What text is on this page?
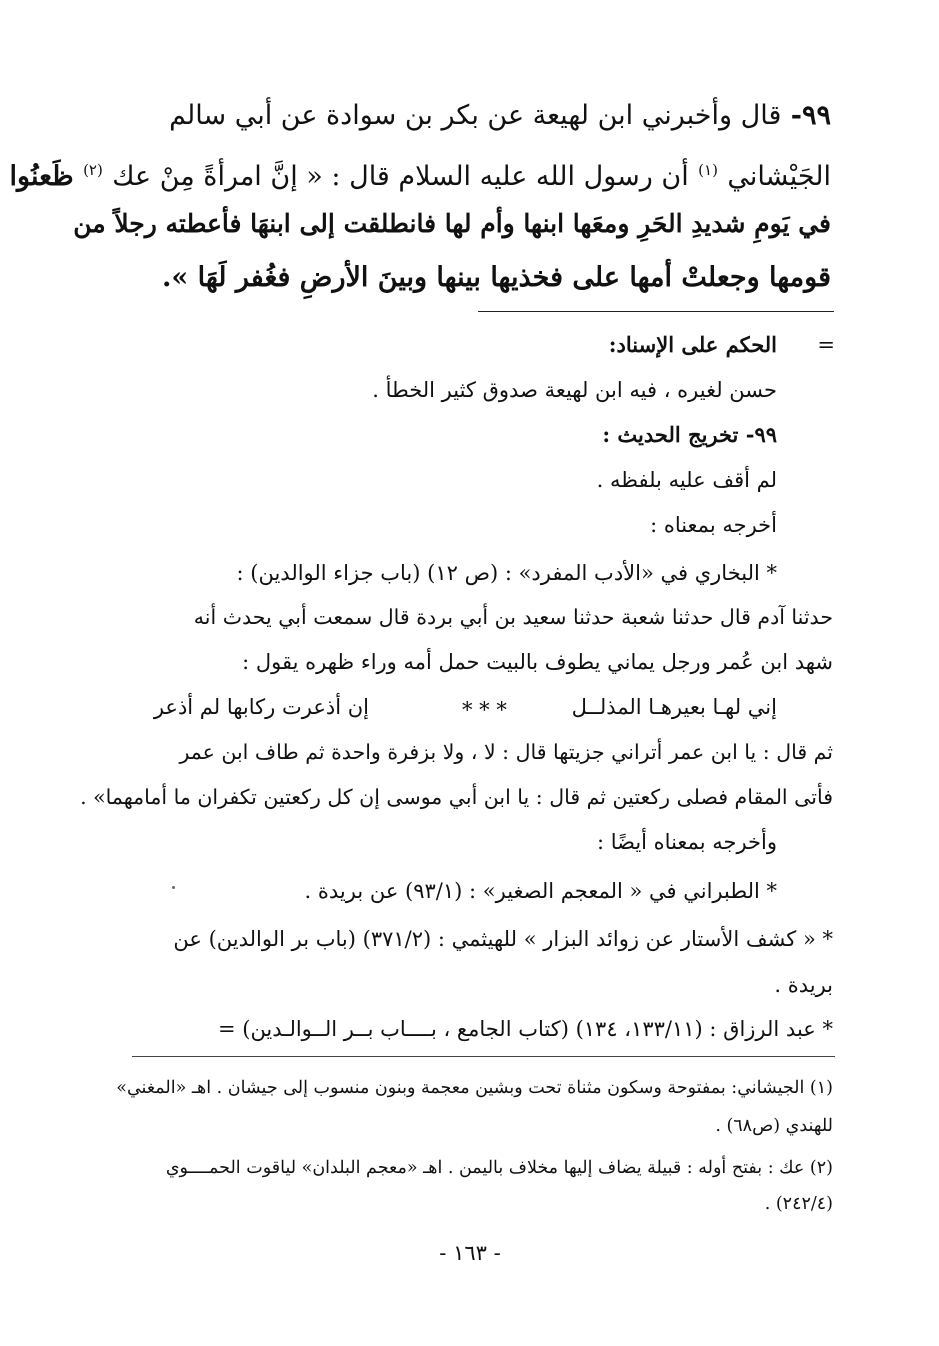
٩٩- قال وأخبرني ابن لهيعة عن بكر بن سوادة عن أبي سالم
الجَيْشاني $^{(١)}$ أن رسول الله عليه السلام قال : « إنَّ امرأةً مِنْ عك $^{(٢)}$ ظَعنُوا
في يَومِ شديدِ الحَرِ ومعَها ابنها وأم لها فانطلقت إلى ابنهَا فأعطته رجلاً من
قومها وجعلتْ أمها على فخذيها بينها وبينَ الأرضِ فغُفر لَهَا ».
=
الحكم على الإسناد:
حسن لغيره ، فيه ابن لهيعة صدوق كثير الخطأ .
٩٩- تخريج الحديث :
لم أقف عليه بلفظه .
أخرجه بمعناه :
* البخاري في «الأدب المفرد» : (ص ١٢) (باب جزاء الوالدين) :
حدثنا آدم قال حدثنا شعبة حدثنا سعيد بن أبي بردة قال سمعت أبي يحدث أنه
شهد ابن عُمر ورجل يماني يطوف بالبيت حمل أمه وراء ظهره يقول :
إني لهـا بعيرهـا المذلــل
* * *
إن أذعرت ركابها لم أذعر
ثم قال : يا ابن عمر أتراني جزيتها قال : لا ، ولا بزفرة واحدة ثم طاف ابن عمر
فأتى المقام فصلى ركعتين ثم قال : يا ابن أبي موسى إن كل ركعتين تكفران ما أمامهما» .
وأخرجه بمعناه أيضًا :
* الطبراني في « المعجم الصغير» : (٩٣/١) عن بريدة .
* « كشف الأستار عن زوائد البزار » للهيثمي : (٣٧١/٢) (باب بر الوالدين) عن
بريدة .
* عبد الرزاق : (١٣٣/١١، ١٣٤) (كتاب الجامع ، بــــاب بــر الــوالـدين) =
(١) الجيشاني: بمفتوحة وسكون مثناة تحت وبشين معجمة وبنون منسوب إلى جيشان . اهـ «المغني»
للهندي (ص٦٨) .
(٢) عك : بفتح أوله : قبيلة يضاف إليها مخلاف باليمن . اهـ «معجم البلدان» لياقوت الحمــــوي
(٢٤٢/٤) .
- ١٦٣ -
